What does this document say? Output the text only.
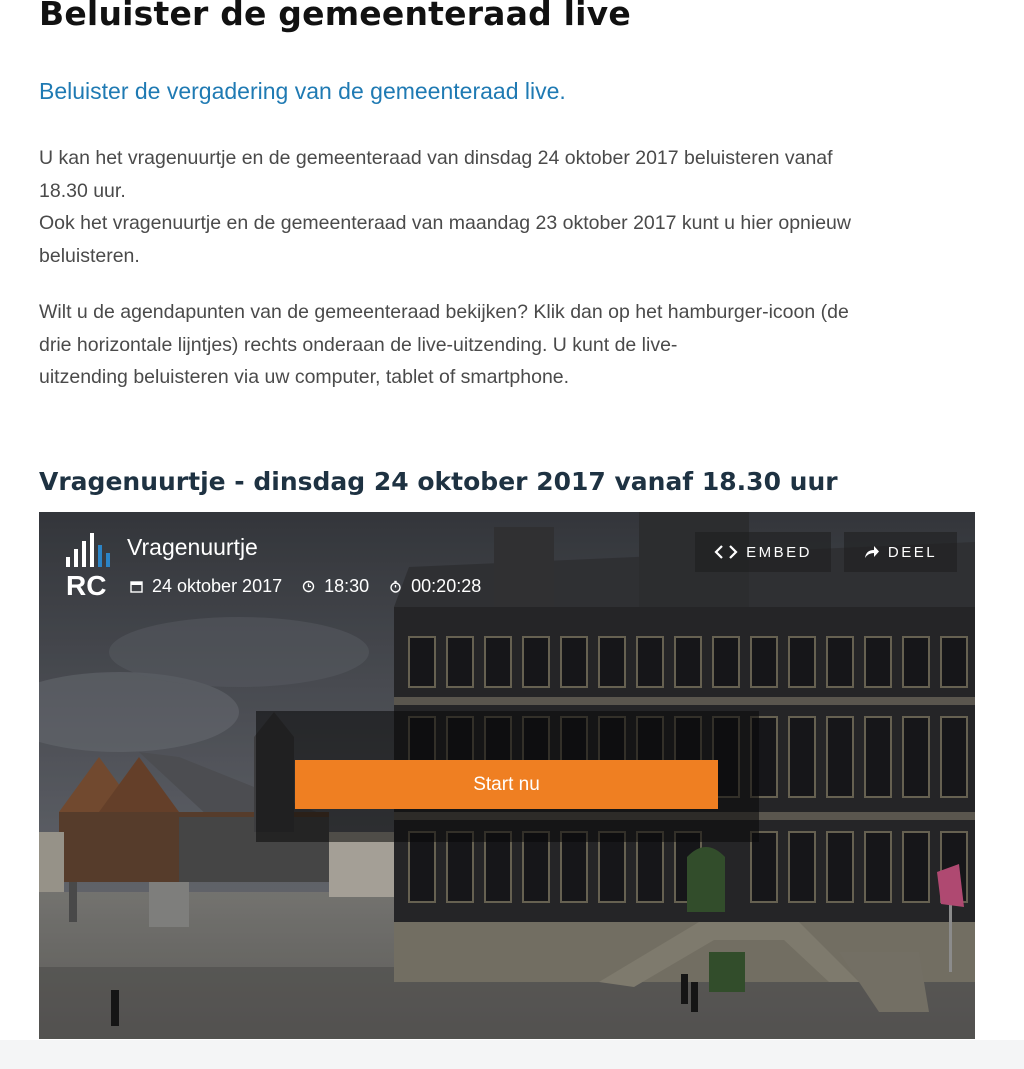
Beluister de gemeenteraad live

Beluister de vergadering van de gemeenteraad live.

U kan het vragenuurtje en de gemeenteraad van dinsdag 24 oktober 2017 beluisteren vanaf
18.30 uur.
Ook het vragenuurtje en de gemeenteraad van maandag 23 oktober 2017 kunt u hier opnieuw
beluisteren.

Wilt u de agendapunten van de gemeenteraad bekijken? Klik dan op het hamburger-icoon (de
drie horizontale lijntjes) rechts onderaan de live-uitzending. U kunt de live-
uitzending beluisteren via uw computer, tablet of smartphone.

Vragenuurtje - dinsdag 24 oktober 2017 vanaf 18.30 uur
RC
Vragenuurtje
24 oktober 2017 18:30 00:20:28
EMBED	DEEL
Start nu
